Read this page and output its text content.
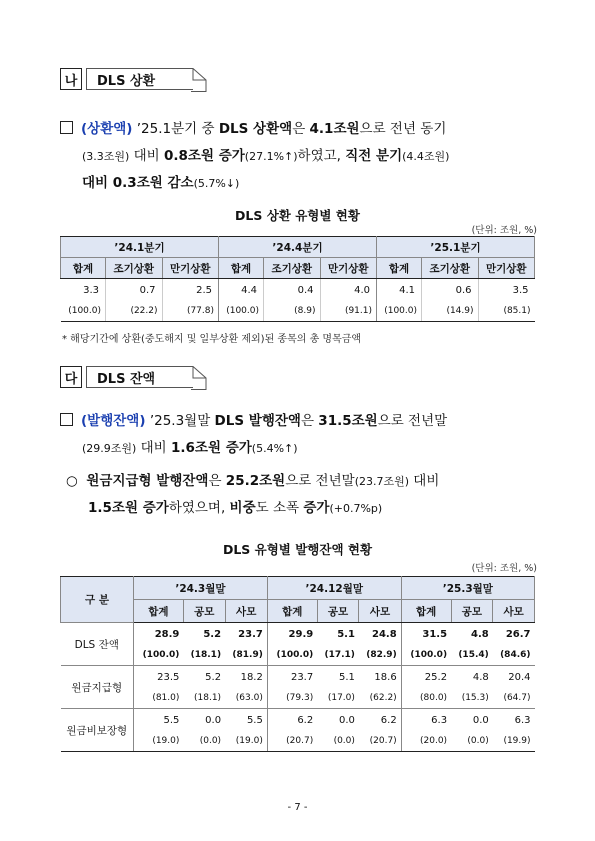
나	DLS 상환
(상환액) ’25.1분기 중 DLS 상환액은 4.1조원으로 전년 동기
(3.3조원) 대비 0.8조원 증가(27.1%↑)하였고, 직전 분기(4.4조원)
대비 0.3조원 감소(5.7%↓)
DLS 상환 유형별 현황
(단위: 조원, %)
’24.1분기			’24.4분기			’25.1분기		
합계	조기상환	만기상환	합계	조기상환	만기상환	합계	조기상환	만기상환
3.3	0.7	2.5	4.4	0.4	4.0	4.1	0.6	3.5
(100.0)	(22.2)	(77.8)	(100.0)	(8.9)	(91.1)	(100.0)	(14.9)	(85.1)
* 해당기간에 상환(중도해지 및 일부상환 제외)된 종목의 총 명목금액
다	DLS 잔액
(발행잔액) ’25.3월말 DLS 발행잔액은 31.5조원으로 전년말
(29.9조원) 대비 1.6조원 증가(5.4%↑)
○ 원금지급형 발행잔액은 25.2조원으로 전년말(23.7조원) 대비
1.5조원 증가하였으며, 비중도 소폭 증가(+0.7%p)
DLS 유형별 발행잔액 현황
(단위: 조원, %)
구 분	’24.3월말			’24.12월말			’25.3월말		
	합계	공모	사모	합계	공모	사모	합계	공모	사모
DLS 잔액	28.9	5.2	23.7	29.9	5.1	24.8	31.5	4.8	26.7
	(100.0)	(18.1)	(81.9)	(100.0)	(17.1)	(82.9)	(100.0)	(15.4)	(84.6)
원금지급형	23.5	5.2	18.2	23.7	5.1	18.6	25.2	4.8	20.4
	(81.0)	(18.1)	(63.0)	(79.3)	(17.0)	(62.2)	(80.0)	(15.3)	(64.7)
원금비보장형	5.5	0.0	5.5	6.2	0.0	6.2	6.3	0.0	6.3
	(19.0)	(0.0)	(19.0)	(20.7)	(0.0)	(20.7)	(20.0)	(0.0)	(19.9)
- 7 -
